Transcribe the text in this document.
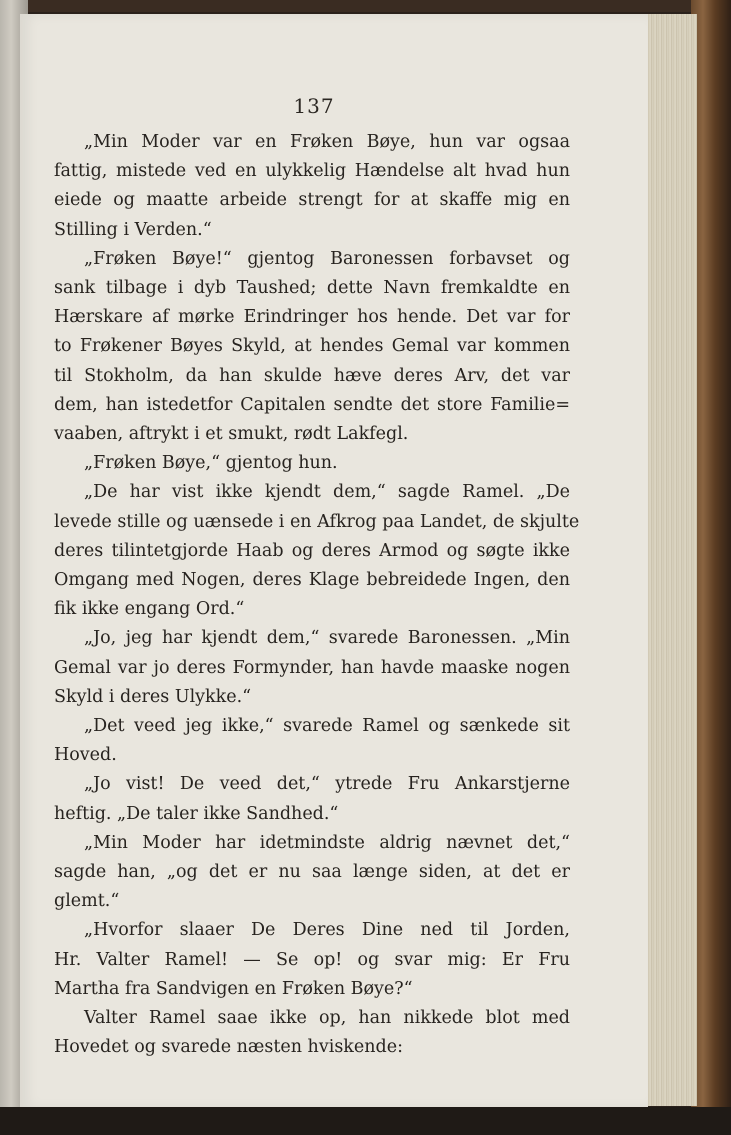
137
„Min Moder var en Frøken Bøye, hun var ogsaa
fattig, mistede ved en ulykkelig Hændelse alt hvad hun
eiede og maatte arbeide strengt for at skaffe mig en
Stilling i Verden.“
„Frøken Bøye!“ gjentog Baronessen forbavset og
sank tilbage i dyb Taushed; dette Navn fremkaldte en
Hærskare af mørke Erindringer hos hende. Det var for
to Frøkener Bøyes Skyld, at hendes Gemal var kommen
til Stokholm, da han skulde hæve deres Arv, det var
dem, han istedetfor Capitalen sendte det store Familie=
vaaben, aftrykt i et smukt, rødt Lakfegl.
„Frøken Bøye,“ gjentog hun.
„De har vist ikke kjendt dem,“ sagde Ramel. „De
levede stille og uænsede i en Afkrog paa Landet, de skjulte
deres tilintetgjorde Haab og deres Armod og søgte ikke
Omgang med Nogen, deres Klage bebreidede Ingen, den
fik ikke engang Ord.“
„Jo, jeg har kjendt dem,“ svarede Baronessen. „Min
Gemal var jo deres Formynder, han havde maaske nogen
Skyld i deres Ulykke.“
„Det veed jeg ikke,“ svarede Ramel og sænkede sit
Hoved.
„Jo vist! De veed det,“ ytrede Fru Ankarstjerne
heftig. „De taler ikke Sandhed.“
„Min Moder har idetmindste aldrig nævnet det,“
sagde han, „og det er nu saa længe siden, at det er
glemt.“
„Hvorfor slaaer De Deres Dine ned til Jorden,
Hr. Valter Ramel! — Se op! og svar mig: Er Fru
Martha fra Sandvigen en Frøken Bøye?“
Valter Ramel saae ikke op, han nikkede blot med
Hovedet og svarede næsten hviskende:
